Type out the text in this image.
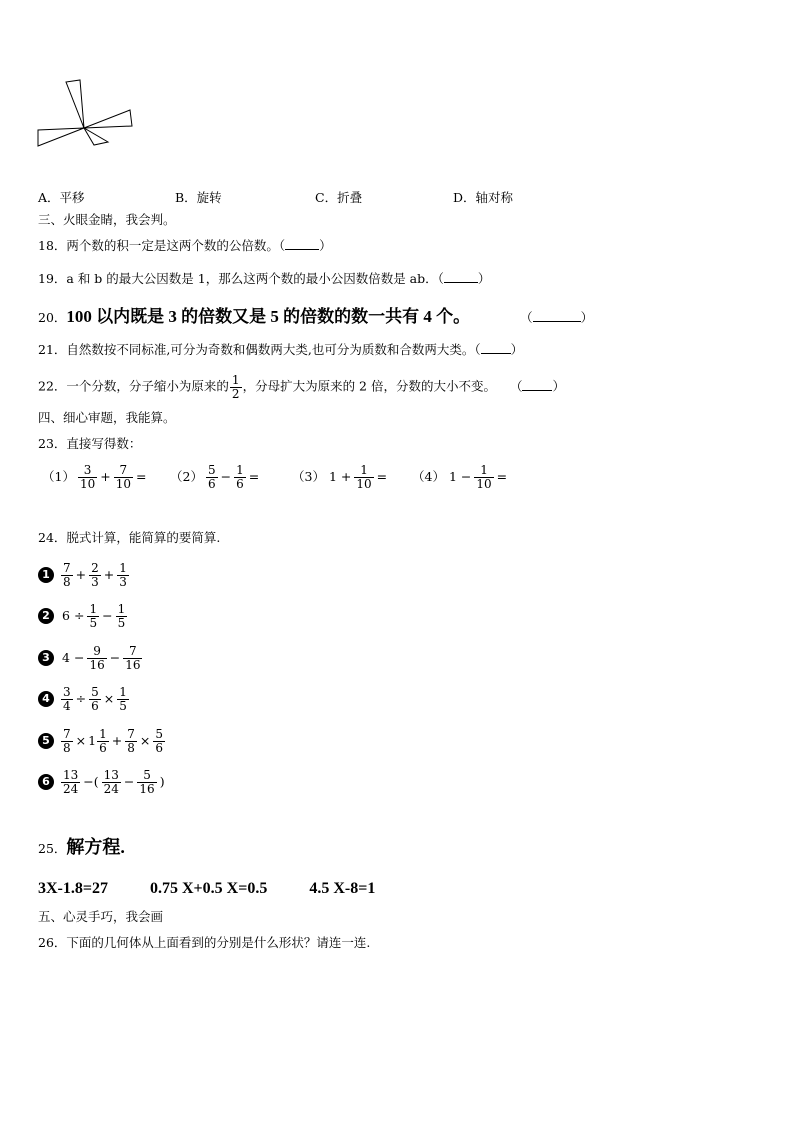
A．平移	B．旋转	C．折叠	D．轴对称
三、火眼金睛，我会判。
18．两个数的积一定是这两个数的公倍数。（	）
19．a 和 b 的最大公因数是 1，那么这两个数的最小公因数倍数是 ab．（	）
20．100 以内既是 3 的倍数又是 5 的倍数的数一共有 4 个。	（	）
21．自然数按不同标准,可分为奇数和偶数两大类,也可分为质数和合数两大类。（ ）
22．一个分数，分子缩小为原来的 $\frac{1}{2}$ ，分母扩大为原来的 2 倍，分数的大小不变。 （ ）
四、细心审题，我能算。
23．直接写得数：
$(1) \frac{3}{10} + \frac{7}{10} = (2) \frac{5}{6} - \frac{1}{6}$ =	（3） $1 + \frac{1}{10} = (4) 1 - \frac{1}{10}$ =
24．脱式计算，能简算的要简算.
$1 \frac{7}{8} + \frac{2}{3} + \frac{1}{3}$
2 $6 \div \frac{1}{5} - \frac{1}{5}$
3 $4 - \frac{9}{16} - \frac{7}{16}$
$4 \frac{3}{4} \div \frac{5}{6} \times \frac{1}{5}$
$5 \frac{7}{8} \times 1 \frac{1}{6} + \frac{7}{8} \times \frac{5}{6}$
$6 \frac{13}{24}$ −( $\frac{13}{24} - \frac{5}{16}$ )
25．解方程.
3X-1.8=27	0.75 X+0.5 X=0.5	4.5 X-8=1
五、心灵手巧，我会画
26．下面的几何体从上面看到的分别是什么形状？请连一连.
